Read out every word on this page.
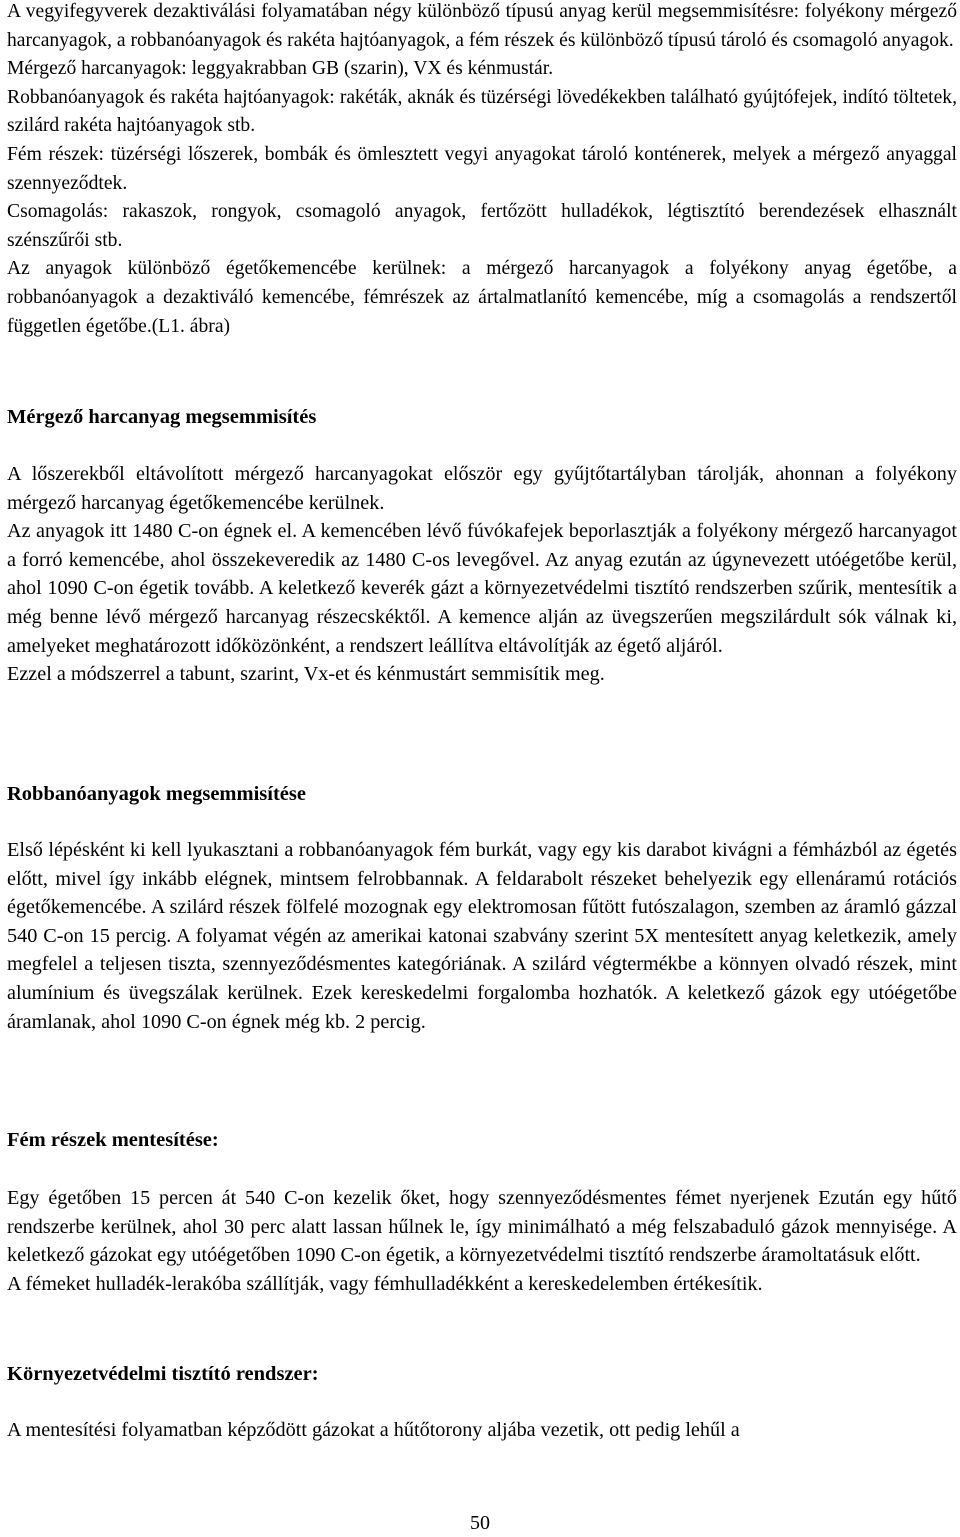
A vegyifegyverek dezaktiválási folyamatában négy különböző típusú anyag kerül megsemmisítésre: folyékony mérgező harcanyagok, a robbanóanyagok és rakéta hajtóanyagok, a fém részek és különböző típusú tároló és csomagoló anyagok.

Mérgező harcanyagok: leggyakrabban GB (szarin), VX és kénmustár.

Robbanóanyagok és rakéta hajtóanyagok: rakéták, aknák és tüzérségi lövedékekben található gyújtófejek, indító töltetek, szilárd rakéta hajtóanyagok stb.

Fém részek: tüzérségi lőszerek, bombák és ömlesztett vegyi anyagokat tároló konténerek, melyek a mérgező anyaggal szennyeződtek.

Csomagolás: rakaszok, rongyok, csomagoló anyagok, fertőzött hulladékok, légtisztító berendezések elhasznált szénszűrői stb.

Az anyagok különböző égetőkemencébe kerülnek: a mérgező harcanyagok a folyékony anyag égetőbe, a robbanóanyagok a dezaktiváló kemencébe, fémrészek az ártalmatlanító kemencébe, míg a csomagolás a rendszertől független égetőbe.(L1. ábra)

Mérgező harcanyag megsemmisítés

A lőszerekből eltávolított mérgező harcanyagokat először egy gyűjtőtartályban tárolják, ahonnan a folyékony mérgező harcanyag égetőkemencébe kerülnek.

Az anyagok itt 1480 C-on égnek el. A kemencében lévő fúvókafejek beporlasztják a folyékony mérgező harcanyagot a forró kemencébe, ahol összekeveredik az 1480 C-os levegővel. Az anyag ezután az úgynevezett utóégetőbe kerül, ahol 1090 C-on égetik tovább. A keletkező keverék gázt a környezetvédelmi tisztító rendszerben szűrik, mentesítik a még benne lévő mérgező harcanyag részecskéktől. A kemence alján az üvegszerűen megszilárdult sók válnak ki, amelyeket meghatározott időközönként, a rendszert leállítva eltávolítják az égető aljáról.

Ezzel a módszerrel a tabunt, szarint, Vx-et és kénmustárt semmisítik meg.

Robbanóanyagok megsemmisítése

Első lépésként ki kell lyukasztani a robbanóanyagok fém burkát, vagy egy kis darabot kivágni a fémházból az égetés előtt, mivel így inkább elégnek, mintsem felrobbannak. A feldarabolt részeket behelyezik egy ellenáramú rotációs égetőkemencébe. A szilárd részek fölfelé mozognak egy elektromosan fűtött futószalagon, szemben az áramló gázzal 540 C-on 15 percig. A folyamat végén az amerikai katonai szabvány szerint 5X mentesített anyag keletkezik, amely megfelel a teljesen tiszta, szennyeződésmentes kategóriának. A szilárd végtermékbe a könnyen olvadó részek, mint alumínium és üvegszálak kerülnek. Ezek kereskedelmi forgalomba hozhatók. A keletkező gázok egy utóégetőbe áramlanak, ahol 1090 C-on égnek még kb. 2 percig.

Fém részek mentesítése:

Egy égetőben 15 percen át 540 C-on kezelik őket, hogy szennyeződésmentes fémet nyerjenek Ezután egy hűtő rendszerbe kerülnek, ahol 30 perc alatt lassan hűlnek le, így minimálható a még felszabaduló gázok mennyisége. A keletkező gázokat egy utóégetőben 1090 C-on égetik, a környezetvédelmi tisztító rendszerbe áramoltatásuk előtt.

A fémeket hulladék-lerakóba szállítják, vagy fémhulladékként a kereskedelemben értékesítik.

Környezetvédelmi tisztító rendszer:

A mentesítési folyamatban képződött gázokat a hűtőtorony aljába vezetik, ott pedig lehűl a

50
